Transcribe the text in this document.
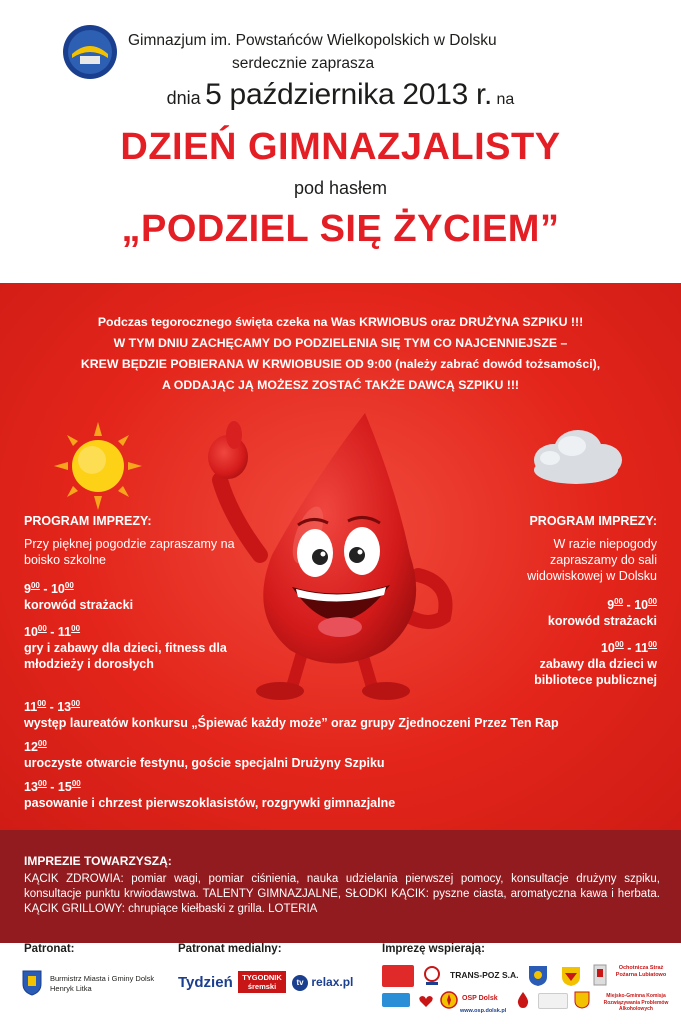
Gimnazjum im. Powstańców Wielkopolskich w Dolsku
serdecznie zaprasza
dnia 5 października 2013 r. na
DZIEŃ GIMNAZJALISTY
pod hasłem
„PODZIEL SIĘ ŻYCIEM”
Podczas tegorocznego święta czeka na Was KRWIOBUS oraz DRUŻYNA SZPIKU !!!
W TYM DNIU ZACHĘCAMY DO PODZIELENIA SIĘ TYM CO NAJCENNIEJSZE –
KREW BĘDZIE POBIERANA W KRWIOBUSIE OD 9:00 (należy zabrać dowód tożsamości),
A ODDAJĄC JĄ MOŻESZ ZOSTAĆ TAKŻE DAWCĄ SZPIKU !!!
PROGRAM IMPREZY:
Przy pięknej pogodzie zapraszamy na boisko szkolne
$9^{00} - 10^{00}$
korowód strażacki
$10^{00} - 11^{00}$
gry i zabawy dla dzieci, fitness dla młodzieży i dorosłych
PROGRAM IMPREZY:
W razie niepogody zapraszamy do sali widowiskowej w Dolsku
$9^{00} - 10^{00}$
korowód strażacki
$10^{00} - 11^{00}$
zabawy dla dzieci w bibliotece publicznej
$11^{00} - 13^{00}$
występ laureatów konkursu „Śpiewać każdy może” oraz grupy Zjednoczeni Przez Ten Rap
$12^{00}$
uroczyste otwarcie festynu, goście specjalni Drużyny Szpiku
$13^{00} - 15^{00}$
pasowanie i chrzest pierwszoklasistów, rozgrywki gimnazjalne
IMPREZIE TOWARZYSZĄ:
KĄCIK ZDROWIA: pomiar wagi, pomiar ciśnienia, nauka udzielania pierwszej pomocy, konsultacje drużyny szpiku, konsultacje punktu krwiodawstwa. TALENTY GIMNAZJALNE, SŁODKI KĄCIK: pyszne ciasta, aromatyczna kawa i herbata. KĄCIK GRILLOWY: chrupiące kiełbaski z grilla. LOTERIA
Patronat:
Burmistrz Miasta i Gminy Dolsk
Henryk Litka
Patronat medialny:
Tydzień	TYGODNIK śremski	tv relax.pl
Imprezę wspierają:
TRANS-POZ S.A.
Ochotnicza Straż Pożarna Lubiatowo
OSP Dolsk
www.osp.dolsk.pl
Miejsko-Gminna Komisja Rozwiązywania Problemów Alkoholowych
